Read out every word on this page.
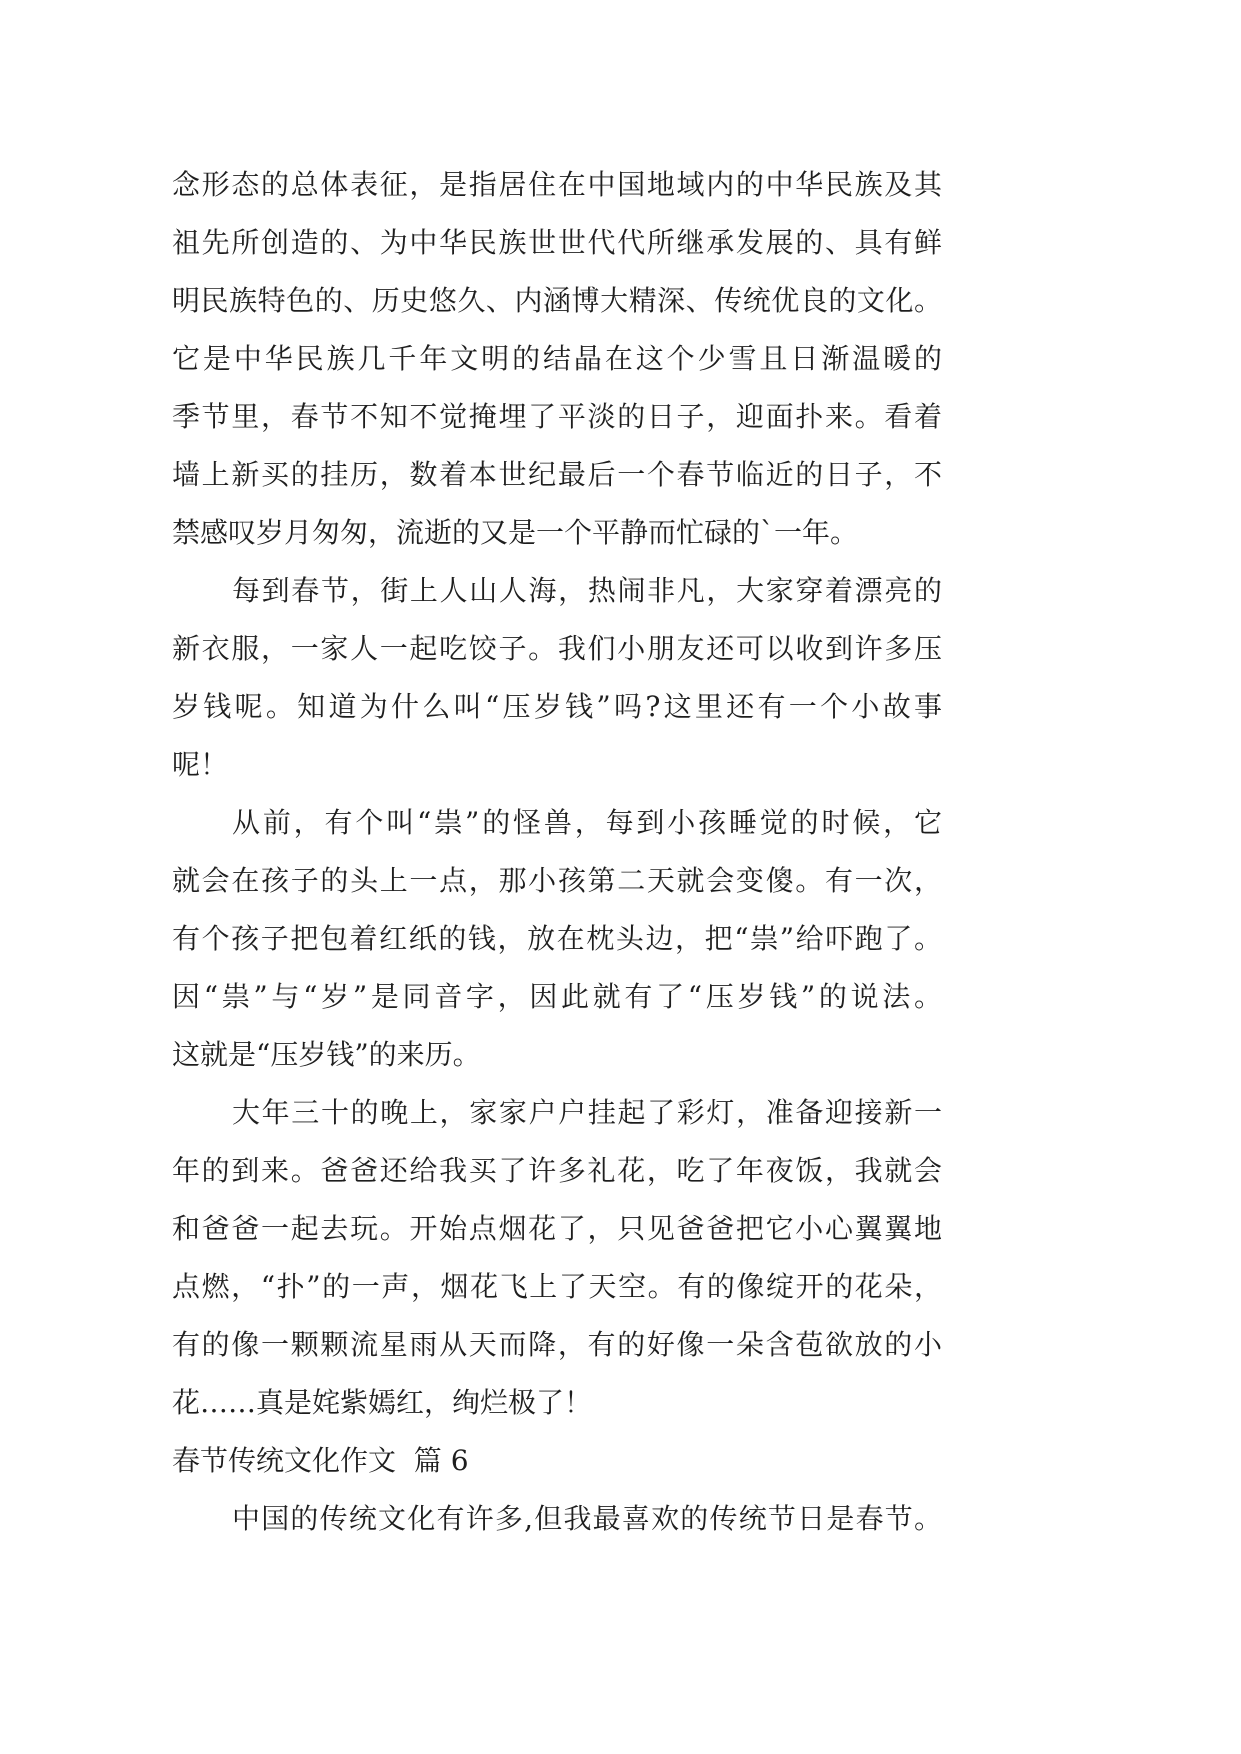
念形态的总体表征，是指居住在中国地域内的中华民族及其
祖先所创造的、为中华民族世世代代所继承发展的、具有鲜
明民族特色的、历史悠久、内涵博大精深、传统优良的文化。
它是中华民族几千年文明的结晶在这个少雪且日渐温暖的
季节里，春节不知不觉掩埋了平淡的日子，迎面扑来。看着
墙上新买的挂历，数着本世纪最后一个春节临近的日子，不
禁感叹岁月匆匆，流逝的又是一个平静而忙碌的`一年。
每到春节，街上人山人海，热闹非凡，大家穿着漂亮的
新衣服，一家人一起吃饺子。我们小朋友还可以收到许多压
岁钱呢。知道为什么叫“压岁钱”吗?这里还有一个小故事
呢！
从前，有个叫“祟”的怪兽，每到小孩睡觉的时候，它
就会在孩子的头上一点，那小孩第二天就会变傻。有一次，
有个孩子把包着红纸的钱，放在枕头边，把“祟”给吓跑了。
因“祟”与“岁”是同音字，因此就有了“压岁钱”的说法。
这就是“压岁钱”的来历。
大年三十的晚上，家家户户挂起了彩灯，准备迎接新一
年的到来。爸爸还给我买了许多礼花，吃了年夜饭，我就会
和爸爸一起去玩。开始点烟花了，只见爸爸把它小心翼翼地
点燃，“扑”的一声，烟花飞上了天空。有的像绽开的花朵，
有的像一颗颗流星雨从天而降，有的好像一朵含苞欲放的小
花……真是姹紫嫣红，绚烂极了！
春节传统文化作文  篇 6
中国的传统文化有许多,但我最喜欢的传统节日是春节。
